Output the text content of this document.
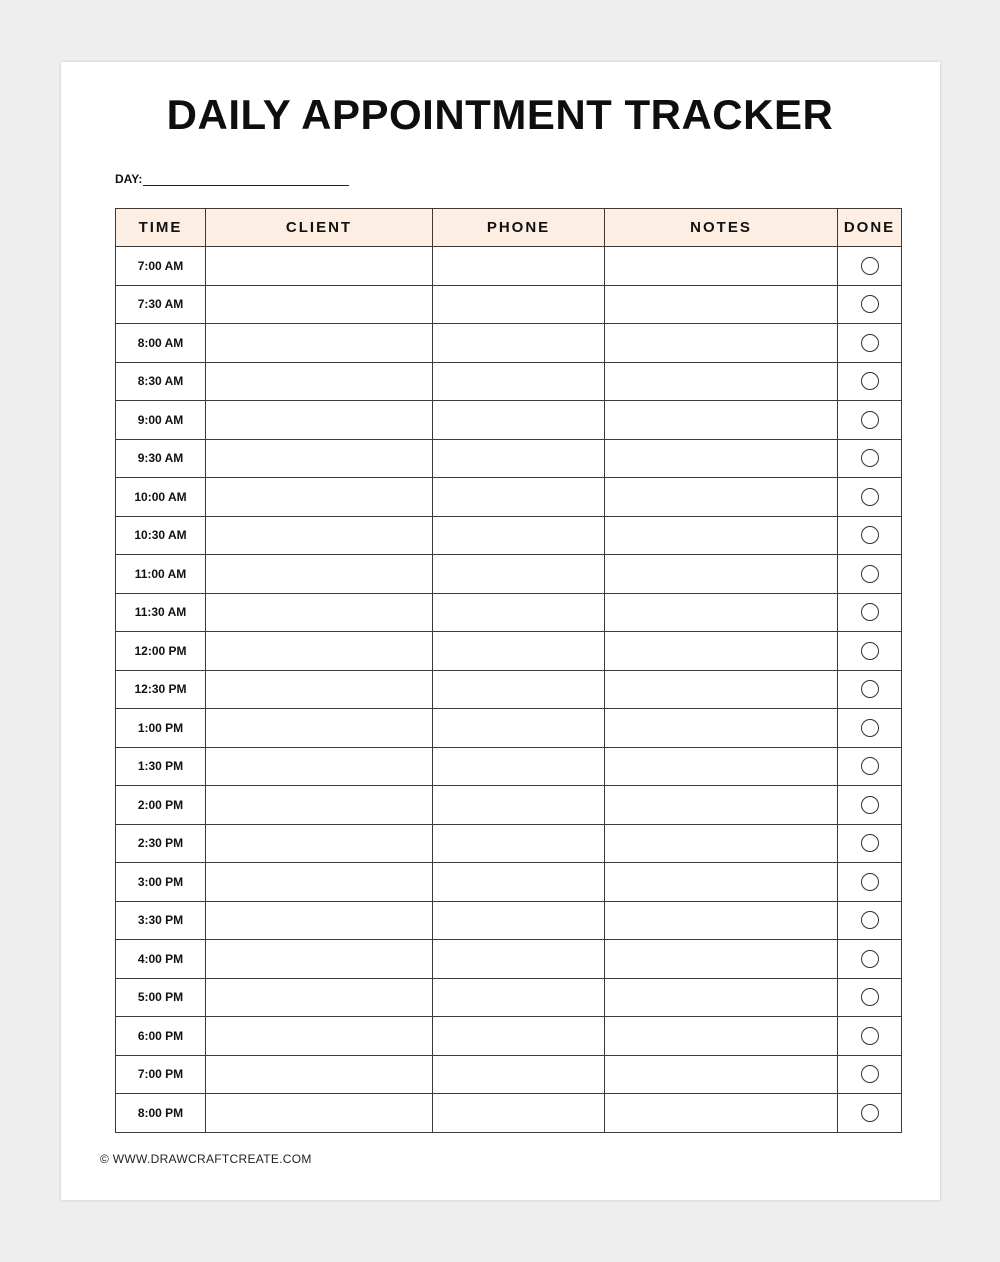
DAILY APPOINTMENT TRACKER
DAY:
TIME	CLIENT	PHONE	NOTES	DONE
7:00 AM				
7:30 AM				
8:00 AM				
8:30 AM				
9:00 AM				
9:30 AM				
10:00 AM				
10:30 AM				
11:00 AM				
11:30 AM				
12:00 PM				
12:30 PM				
1:00 PM				
1:30 PM				
2:00 PM				
2:30 PM				
3:00 PM				
3:30 PM				
4:00 PM				
5:00 PM				
6:00 PM				
7:00 PM				
8:00 PM				
© WWW.DRAWCRAFTCREATE.COM
